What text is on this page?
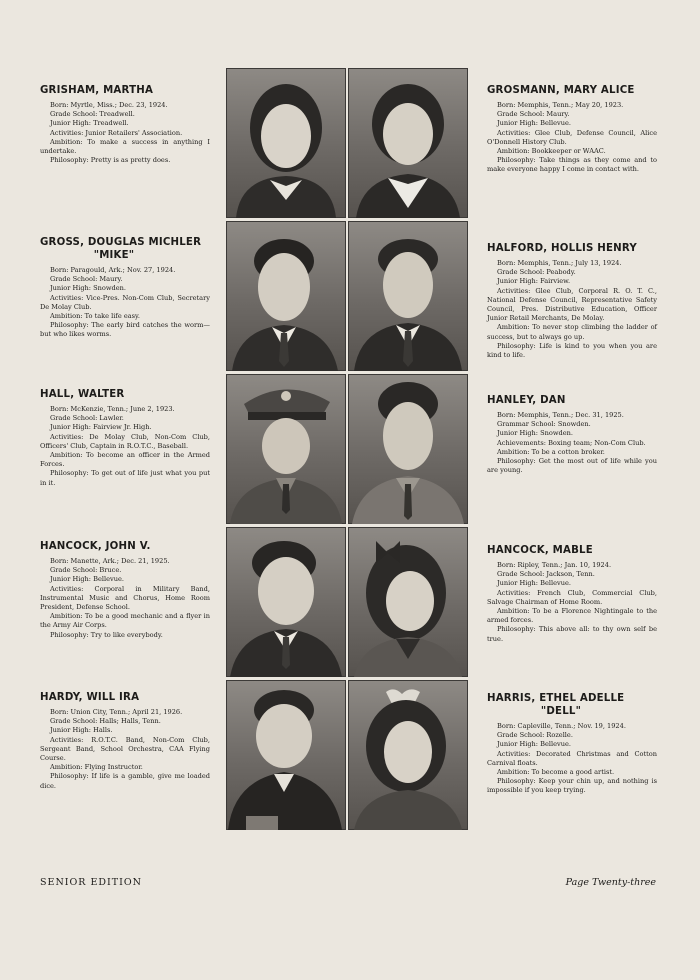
GRISHAM, MARTHA

Born: Myrtle, Miss.; Dec. 23, 1924.

Grade School: Treadwell.

Junior High: Treadwell.

Activities: Junior Retailers' Association.

Ambition: To make a success in anything I undertake.

Philosophy: Pretty is as pretty does.

GROSMANN, MARY ALICE

Born: Memphis, Tenn.; May 20, 1923.

Grade School: Maury.

Junior High: Bellevue.

Activities: Glee Club, Defense Council, Alice O'Donnell History Club.

Ambition: Bookkeeper or WAAC.

Philosophy: Take things as they come and to make everyone happy I come in contact with.

GROSS, DOUGLAS MICHLER
"MIKE"

Born: Paragould, Ark.; Nov. 27, 1924.

Grade School: Maury.

Junior High: Snowden.

Activities: Vice-Pres. Non-Com Club, Secretary De Molay Club.

Ambition: To take life easy.

Philosophy: The early bird catches the worm—but who likes worms.

HALFORD, HOLLIS HENRY

Born: Memphis, Tenn.; July 13, 1924.

Grade School: Peabody.

Junior High: Fairview.

Activities: Glee Club, Corporal R. O. T. C., National Defense Council, Representative Safety Council, Pres. Distributive Education, Officer Junior Retail Merchants, De Molay.

Ambition: To never stop climbing the ladder of success, but to always go up.

Philosophy: Life is kind to you when you are kind to life.

HALL, WALTER

Born: McKenzie, Tenn.; June 2, 1923.

Grade School: Lawler.

Junior High: Fairview Jr. High.

Activities: De Molay Club, Non-Com Club, Officers' Club, Captain in R.O.T.C., Baseball.

Ambition: To become an officer in the Armed Forces.

Philosophy: To get out of life just what you put in it.

HANLEY, DAN

Born: Memphis, Tenn.; Dec. 31, 1925.

Grammar School: Snowden.

Junior High: Snowden.

Achievements: Boxing team; Non-Com Club.

Ambition: To be a cotton broker.

Philosophy: Get the most out of life while you are young.

HANCOCK, JOHN V.

Born: Manette, Ark.; Dec. 21, 1925.

Grade School: Bruce.

Junior High: Bellevue.

Activities: Corporal in Military Band, Instrumental Music and Chorus, Home Room President, Defense School.

Ambition: To be a good mechanic and a flyer in the Army Air Corps.

Philosophy: Try to like everybody.

HANCOCK, MABLE

Born: Ripley, Tenn.; Jan. 10, 1924.

Grade School: Jackson, Tenn.

Junior High: Bellevue.

Activities: French Club, Commercial Club, Salvage Chairman of Home Room.

Ambition: To be a Florence Nightingale to the armed forces.

Philosophy: This above all: to thy own self be true.

HARDY, WILL IRA

Born: Union City, Tenn.; April 21, 1926.

Grade School: Halls; Halls, Tenn.

Junior High: Halls.

Activities: R.O.T.C. Band, Non-Com Club, Sergeant Band, School Orchestra, CAA Flying Course.

Ambition: Flying Instructor.

Philosophy: If life is a gamble, give me loaded dice.

HARRIS, ETHEL ADELLE
"DELL"

Born: Capleville, Tenn.; Nov. 19, 1924.

Grade School: Rozelle.

Junior High: Bellevue.

Activities: Decorated Christmas and Cotton Carnival floats.

Ambition: To become a good artist.

Philosophy: Keep your chin up, and nothing is impossible if you keep trying.

SENIOR EDITION	Page Twenty-three
